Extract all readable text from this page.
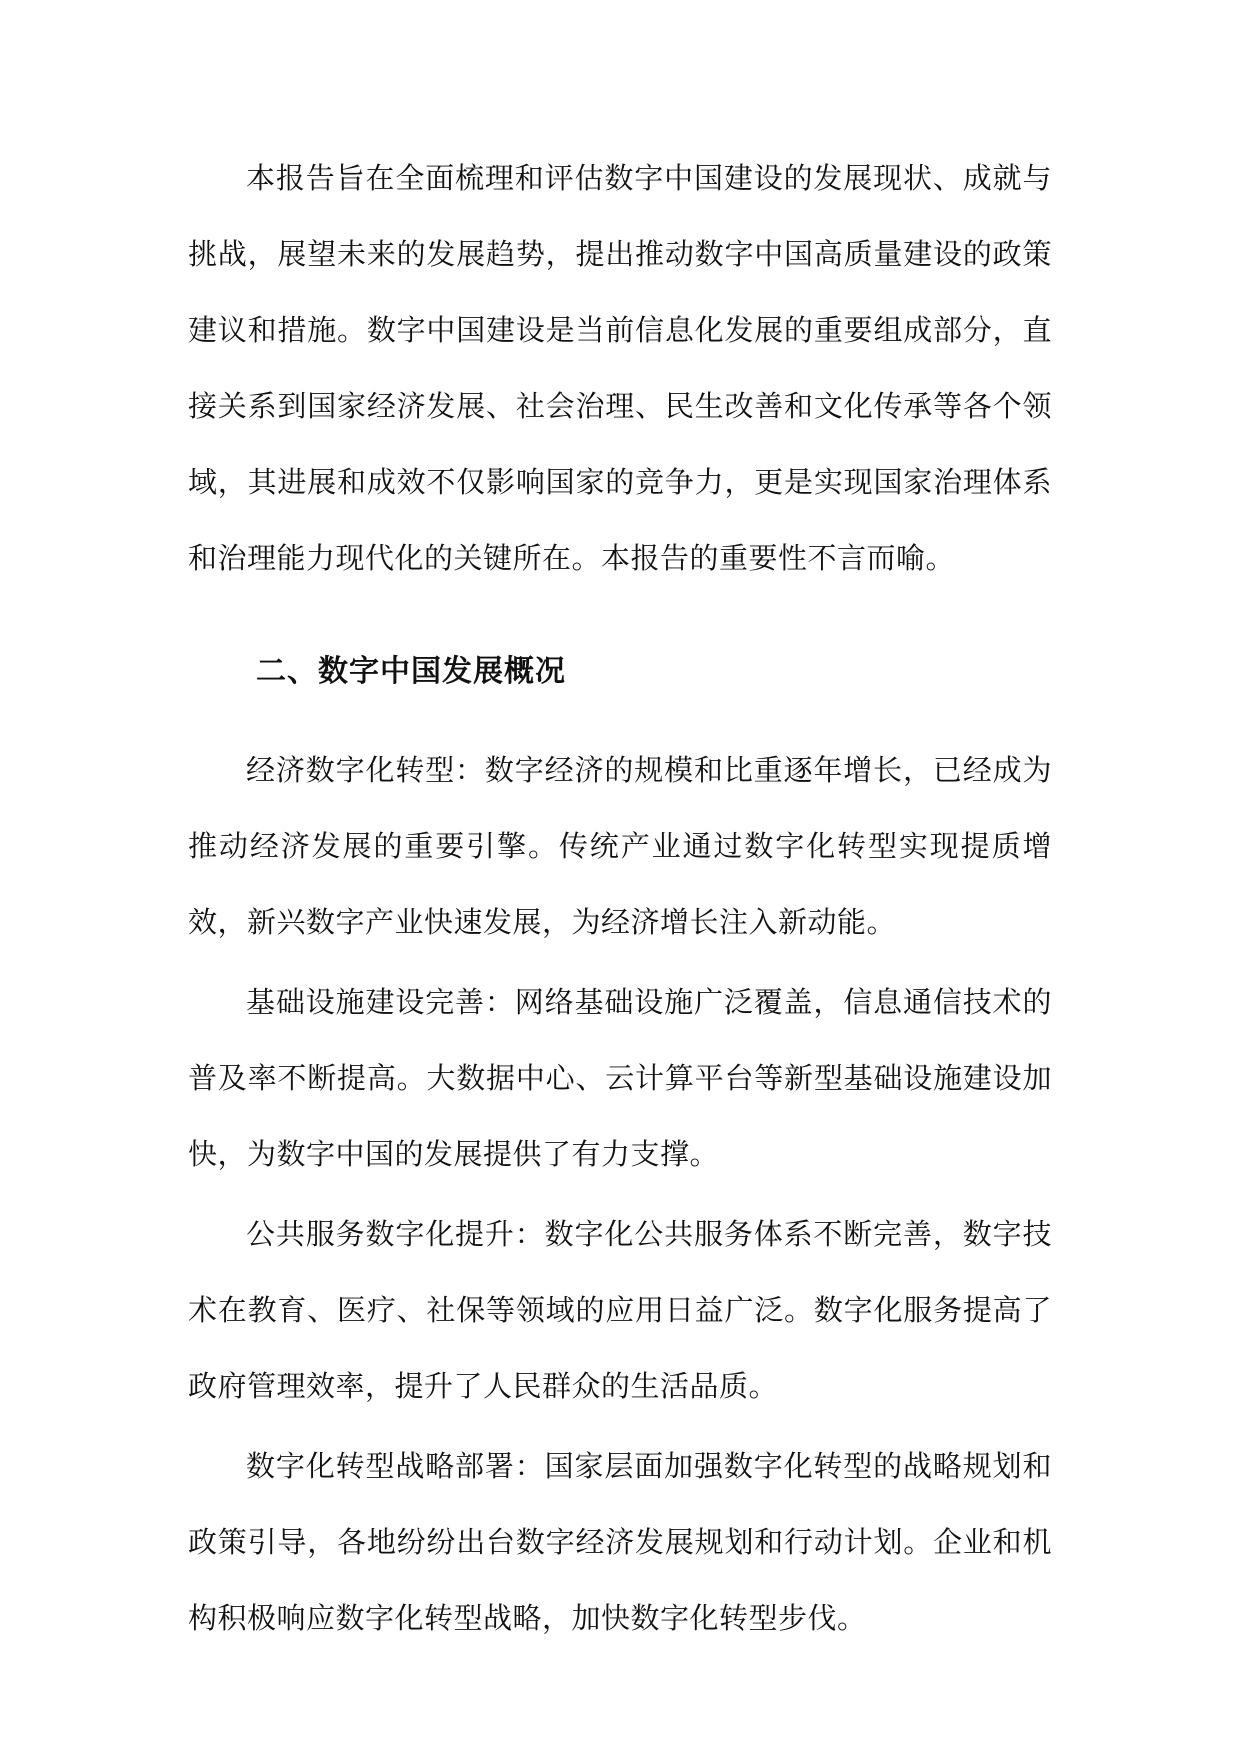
本报告旨在全面梳理和评估数字中国建设的发展现状、成就与挑战，展望未来的发展趋势，提出推动数字中国高质量建设的政策建议和措施。数字中国建设是当前信息化发展的重要组成部分，直接关系到国家经济发展、社会治理、民生改善和文化传承等各个领域，其进展和成效不仅影响国家的竞争力，更是实现国家治理体系和治理能力现代化的关键所在。本报告的重要性不言而喻。

二、数字中国发展概况

经济数字化转型：数字经济的规模和比重逐年增长，已经成为推动经济发展的重要引擎。传统产业通过数字化转型实现提质增效，新兴数字产业快速发展，为经济增长注入新动能。

基础设施建设完善：网络基础设施广泛覆盖，信息通信技术的普及率不断提高。大数据中心、云计算平台等新型基础设施建设加快，为数字中国的发展提供了有力支撑。

公共服务数字化提升：数字化公共服务体系不断完善，数字技术在教育、医疗、社保等领域的应用日益广泛。数字化服务提高了政府管理效率，提升了人民群众的生活品质。

数字化转型战略部署：国家层面加强数字化转型的战略规划和政策引导，各地纷纷出台数字经济发展规划和行动计划。企业和机构积极响应数字化转型战略，加快数字化转型步伐。
